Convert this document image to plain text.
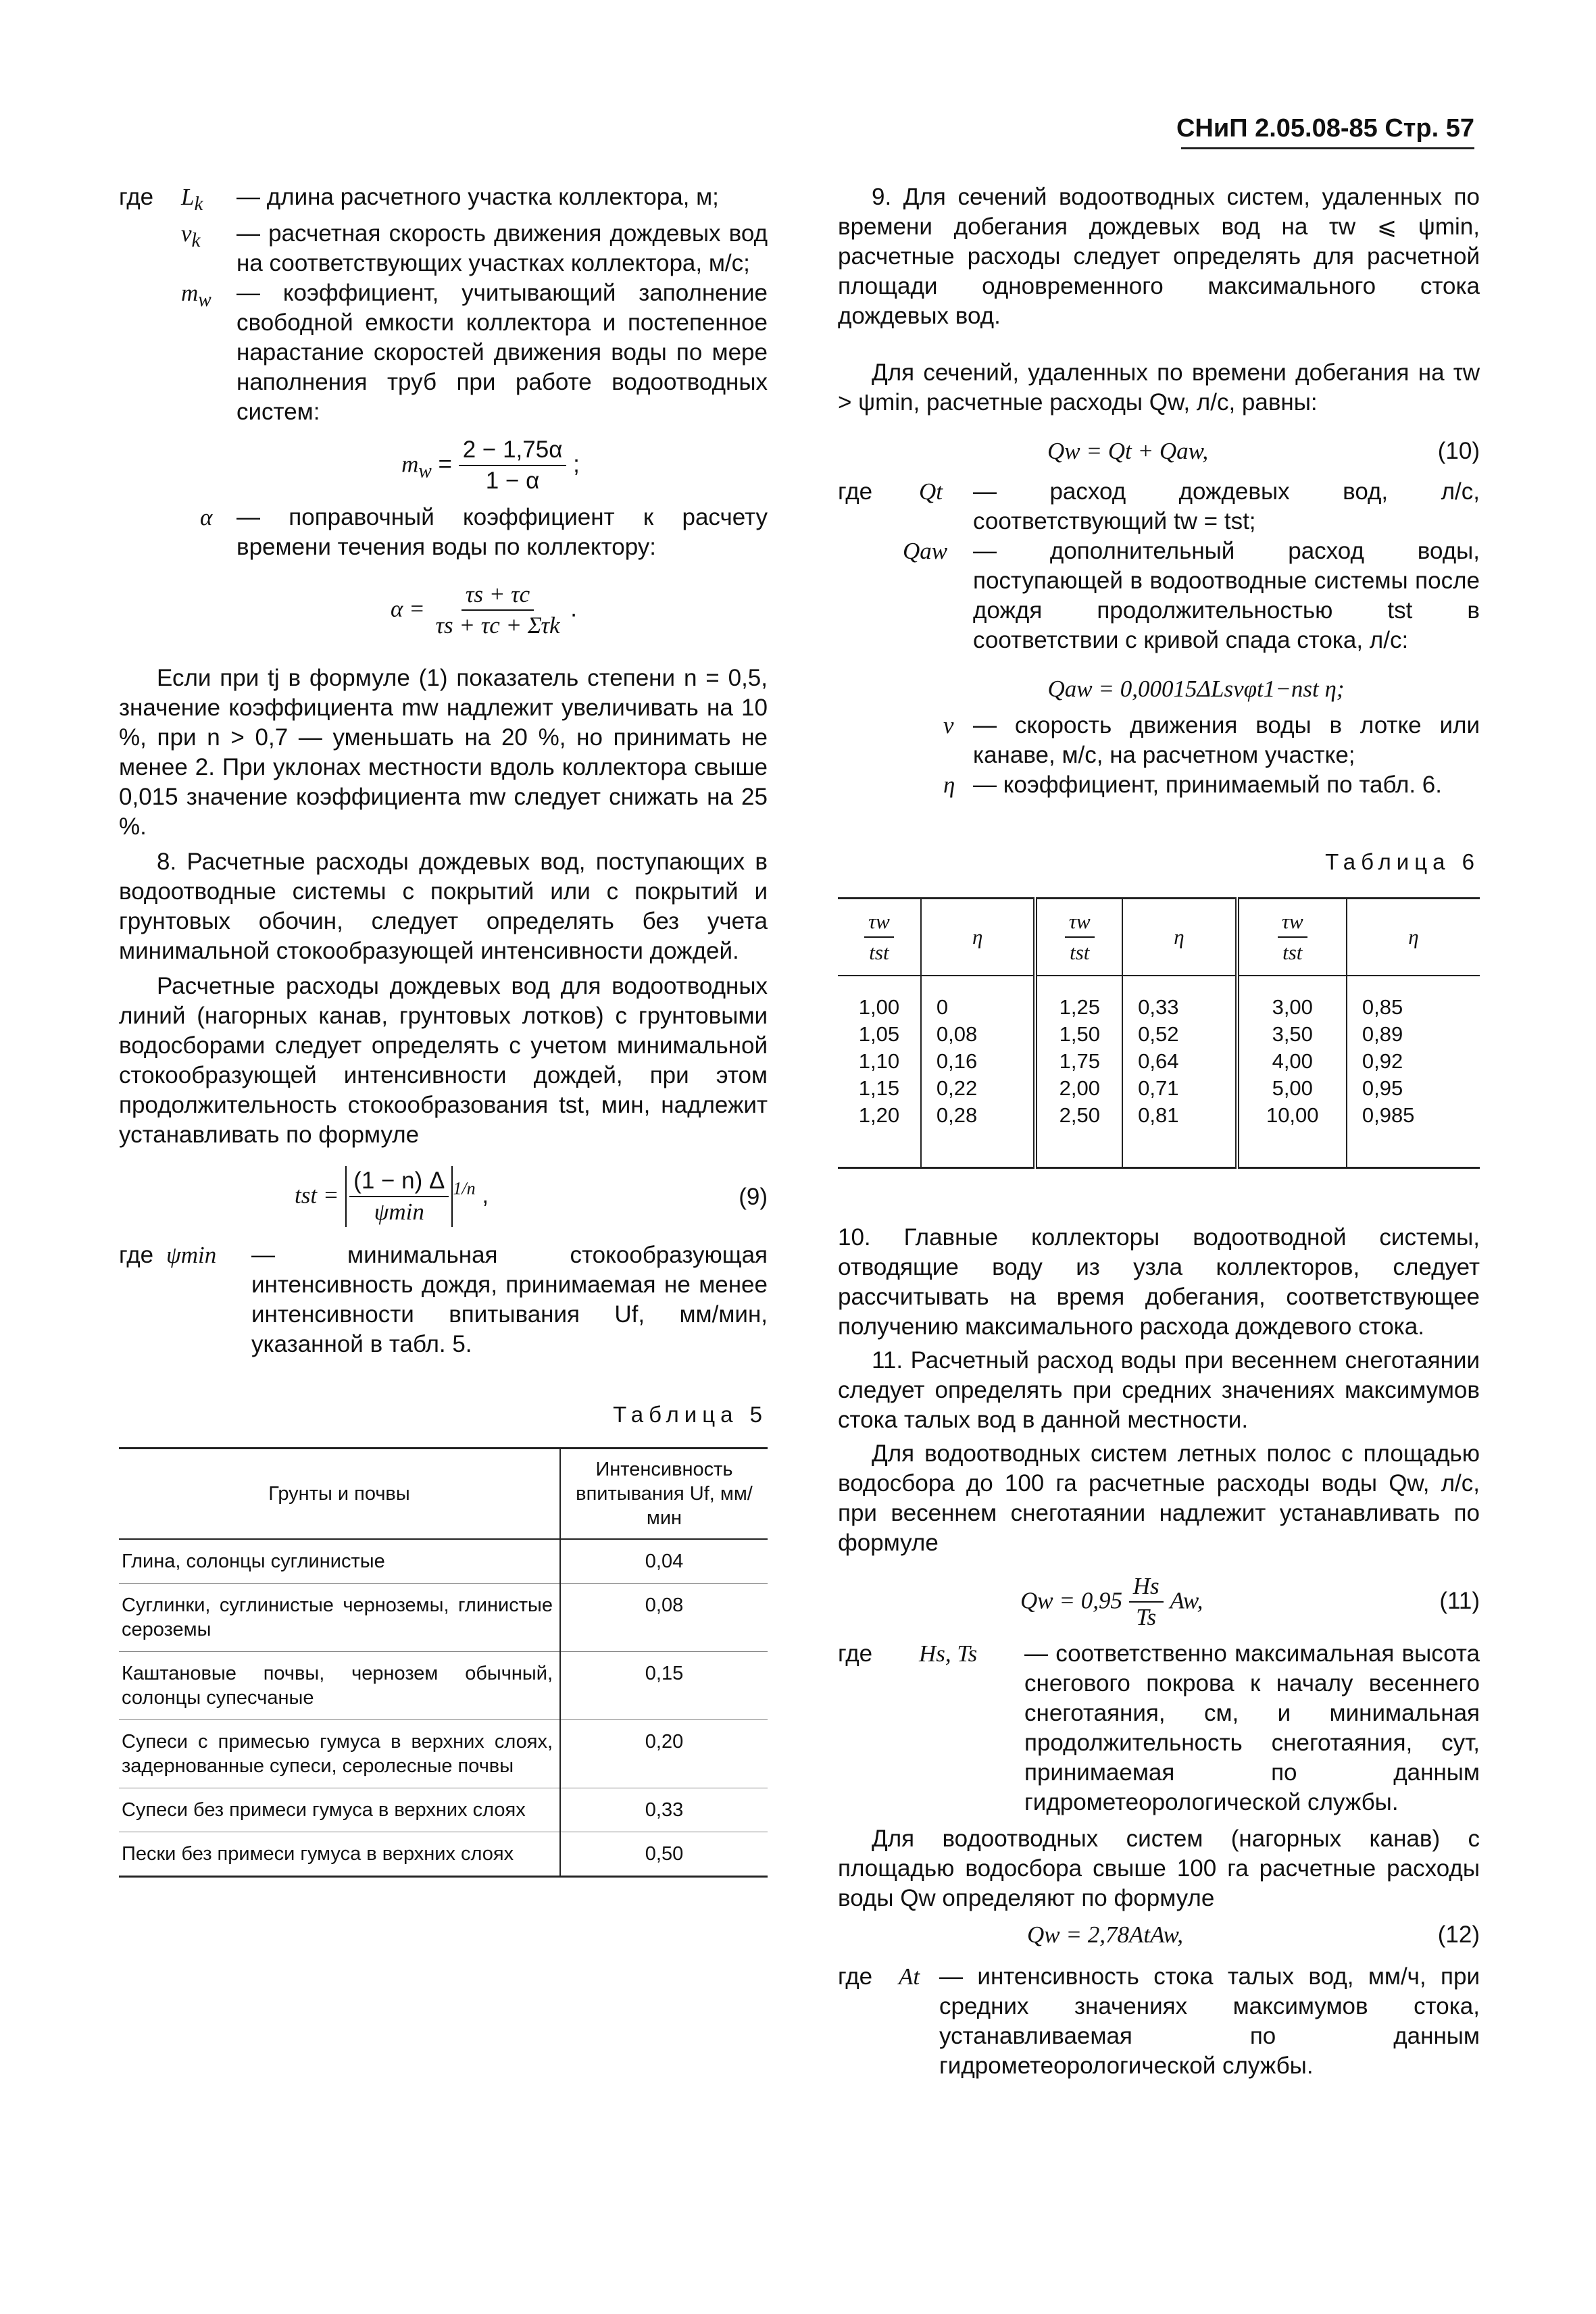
СНиП 2.05.08-85 Стр. 57
где	$L_k$	— длина расчетного участка коллектора, м;
$v_k$	— расчетная скорость движения дождевых вод на соответствующих участках коллектора, м/с;
$m_w$	— коэффициент, учитывающий заполнение свободной емкости коллектора и постепенное нарастание скоростей движения воды по мере наполнения труб при работе водоотводных систем:
$m_w = \frac{2 - 1,75\alpha}{1 - \alpha}$ ;
α	— поправочный коэффициент к расчету времени течения воды по коллектору:
$\alpha = \frac{\tau s + \tau c}{\text{τs + τc + Στk}}$ .

Если при tj в формуле (1) показатель степени n = 0,5, значение коэффициента mw надлежит увеличивать на 10 %, при n > 0,7 — уменьшать на 20 %, но принимать не менее 2. При уклонах местности вдоль коллектора свыше 0,015 значение коэффициента mw следует снижать на 25 %.

8. Расчетные расходы дождевых вод, поступающих в водоотводные системы с покрытий или с покрытий и грунтовых обочин, следует определять без учета минимальной стокообразующей интенсивности дождей.

Расчетные расходы дождевых вод для водоотводных линий (нагорных канав, грунтовых лотков) с грунтовыми водосборами следует определять с учетом минимальной стокообразующей интенсивности дождей, при этом продолжительность стокообразования tst, мин, надлежит устанавливать по формуле

tst = $\frac{(1 - n) \Delta}{\psi\min} ^{1/n}$ ,	(9)
где ψmin	— минимальная стокообразующая интенсивность дождя, принимаемая не менее интенсивности впитывания Uf, мм/мин, указанной в табл. 5.
Таблица 5
Грунты и почвы	Интенсивность впитывания Uf, мм/мин
Глина, солонцы суглинистые	0,04
Суглинки, суглинистые черноземы, глинистые сероземы	0,08
Каштановые почвы, чернозем обычный, солонцы супесчаные	0,15
Супеси с примесью гумуса в верхних слоях, задернованные супеси, серолесные почвы	0,20
Супеси без примеси гумуса в верхних слоях	0,33
Пески без примеси гумуса в верхних слоях	0,50

9. Для сечений водоотводных систем, удаленных по времени добегания дождевых вод на τw ⩽ ψmin, расчетные расходы следует определять для расчетной площади одновременного максимального стока дождевых вод.

Для сечений, удаленных по времени добегания на τw > ψmin, расчетные расходы Qw, л/с, равны:

Qw = Qt + Qaw,	(10)
где	Qt	— расход дождевых вод, л/с, соответствующий tw = tst;
Qaw	— дополнительный расход воды, поступающей в водоотводные системы после дождя продолжительностью tst в соответствии с кривой спада стока, л/с:
Qaw = 0,00015ΔLsvφt1−nst η;
v — скорость движения воды в лотке или канаве, м/с, на расчетном участке;
η — коэффициент, принимаемый по табл. 6.
Таблица 6
$\frac{\tau w}{\text{tst}}$	η	$\frac{\tau w}{\text{tst}}$	η	$\frac{\tau w}{\text{tst}}$	η
1,00	0	1,25	0,33	3,00	0,85
1,05	0,08	1,50	0,52	3,50	0,89
1,10	0,16	1,75	0,64	4,00	0,92
1,15	0,22	2,00	0,71	5,00	0,95
1,20	0,28	2,50	0,81	10,00	0,985

10. Главные коллекторы водоотводной системы, отводящие воду из узла коллекторов, следует рассчитывать на время добегания, соответствующее получению максимального расхода дождевого стока.

11. Расчетный расход воды при весеннем снеготаянии следует определять при средних значениях максимумов стока талых вод в данной местности.

Для водоотводных систем летных полос с площадью водосбора до 100 га расчетные расходы воды Qw, л/с, при весеннем снеготаянии надлежит устанавливать по формуле

$Qw = 0,95 \frac{Hs}{Ts} Aw$,	(11)
где	Hs, Ts	— соответственно максимальная высота снегового покрова к началу весеннего снеготаяния, см, и минимальная продолжительность снеготаяния, сут, принимаемая по данным гидрометеорологической службы.

Для водоотводных систем (нагорных канав) с площадью водосбора свыше 100 га расчетные расходы воды Qw определяют по формуле

Qw = 2,78AtAw,	(12)
где	At — интенсивность стока талых вод, мм/ч, при средних значениях максимумов стока, устанавливаемая по данным гидрометеорологической службы.
